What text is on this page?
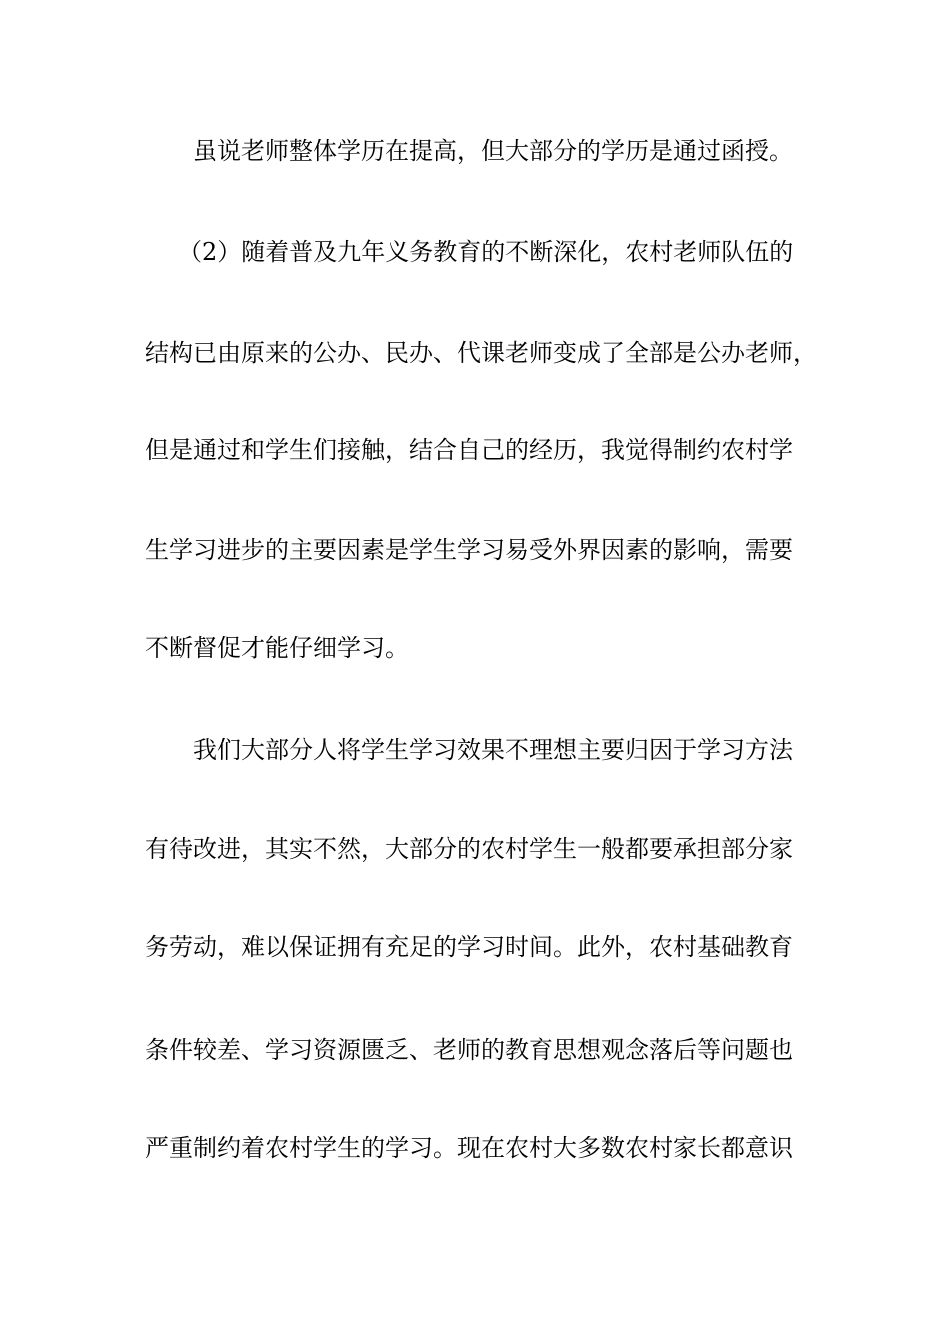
虽说老师整体学历在提高，但大部分的学历是通过函授。
（2）随着普及九年义务教育的不断深化，农村老师队伍的
结构已由原来的公办、民办、代课老师变成了全部是公办老师，
但是通过和学生们接触，结合自己的经历，我觉得制约农村学
生学习进步的主要因素是学生学习易受外界因素的影响，需要
不断督促才能仔细学习。
我们大部分人将学生学习效果不理想主要归因于学习方法
有待改进，其实不然，大部分的农村学生一般都要承担部分家
务劳动，难以保证拥有充足的学习时间。此外，农村基础教育
条件较差、学习资源匮乏、老师的教育思想观念落后等问题也
严重制约着农村学生的学习。现在农村大多数农村家长都意识
